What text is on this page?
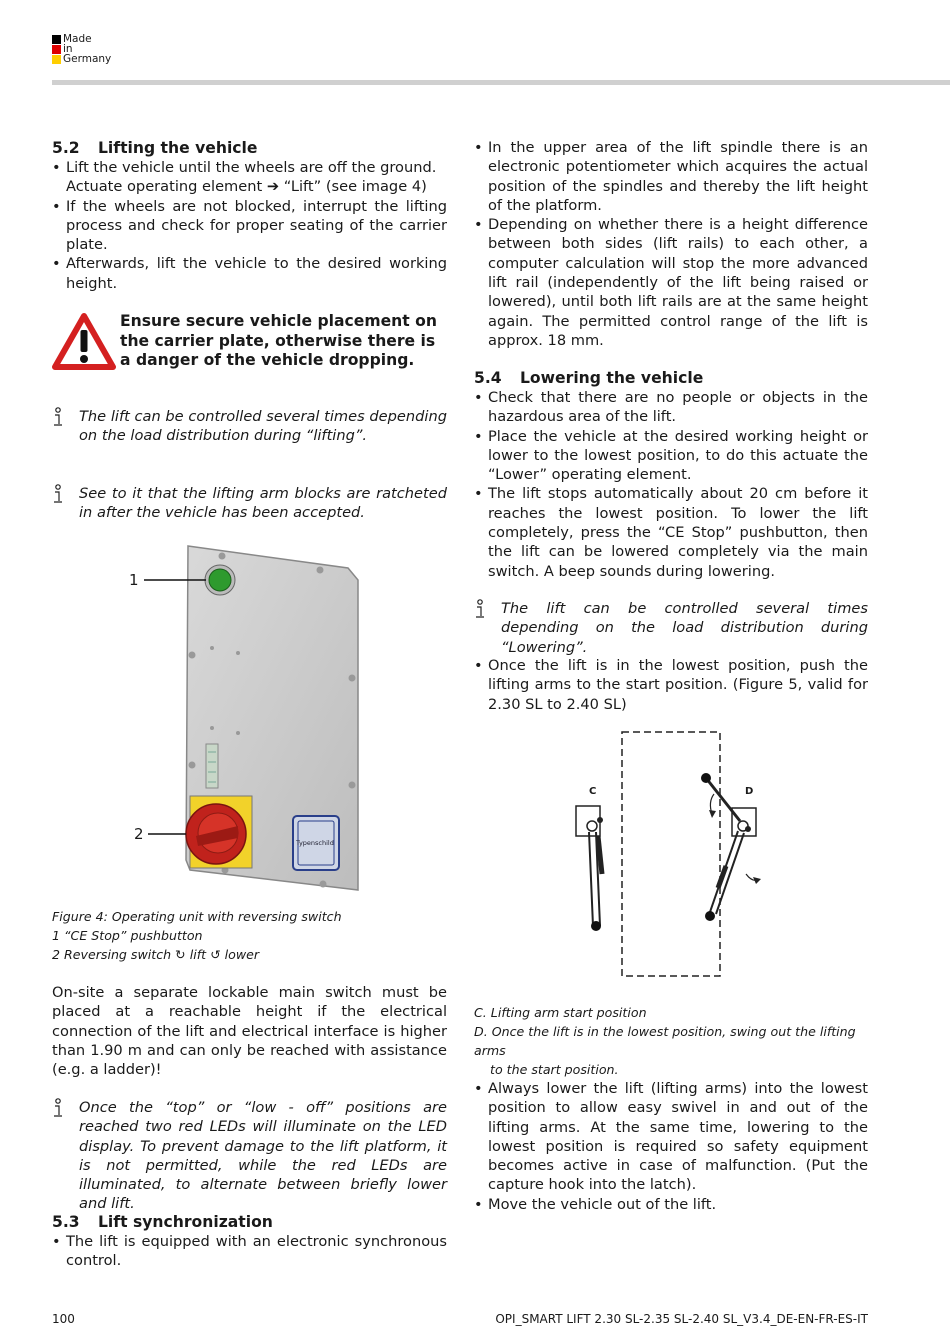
Made
in
Germany
5.2 Lifting the vehicle
• Lift the vehicle until the wheels are off the ground.
Actuate operating element ➔ “Lift” (see image 4)
• If the wheels are not blocked, interrupt the lifting process and check for proper seating of the carrier plate.
• Afterwards, lift the vehicle to the desired working height.
Ensure secure vehicle placement on the carrier plate, otherwise there is a danger of the vehicle dropping.
The lift can be controlled several times depending on the load distribution during “lifting”.
See to it that the lifting arm blocks are ratcheted in after the vehicle has been accepted.
1
2	Typenschild
Figure 4: Operating unit with reversing switch
1 “CE Stop” pushbutton
2 Reversing switch ↻ lift ↺ lower

On-site a separate lockable main switch must be placed at a reachable height if the electrical connection of the lift and electrical interface is higher than 1.90 m and can only be reached with assistance (e.g. a ladder)!

Once the “top” or “low - off” positions are reached two red LEDs will illuminate on the LED display. To prevent damage to the lift platform, it is not permitted, while the red LEDs are illuminated, to alternate between briefly lower and lift.
5.3 Lift synchronization
• The lift is equipped with an electronic synchronous control.
• In the upper area of the lift spindle there is an electronic potentiometer which acquires the actual position of the spindles and thereby the lift height of the platform.
• Depending on whether there is a height difference between both sides (lift rails) to each other, a computer calculation will stop the more advanced lift rail (independently of the lift being raised or lowered), until both lift rails are at the same height again. The permitted control range of the lift is approx. 18 mm.
5.4 Lowering the vehicle
• Check that there are no people or objects in the hazardous area of the lift.
• Place the vehicle at the desired working height or lower to the lowest position, to do this actuate the “Lower” operating element.
• The lift stops automatically about 20 cm before it reaches the lowest position. To lower the lift completely, press the “CE Stop” pushbutton, then the lift can be lowered completely via the main switch. A beep sounds during lowering.
The lift can be controlled several times depending on the load distribution during “Lowering”.
• Once the lift is in the lowest position, push the lifting arms to the start position. (Figure 5, valid for 2.30 SL to 2.40 SL)
C	D
C. Lifting arm start position
D. Once the lift is in the lowest position, swing out the lifting arms
to the start position.
• Always lower the lift (lifting arms) into the lowest position to allow easy swivel in and out of the lifting arms. At the same time, lowering to the lowest position is required so safety equipment becomes active in case of malfunction. (Put the capture hook into the latch).
• Move the vehicle out of the lift.
100	OPI_SMART LIFT 2.30 SL-2.35 SL-2.40 SL_V3.4_DE-EN-FR-ES-IT
